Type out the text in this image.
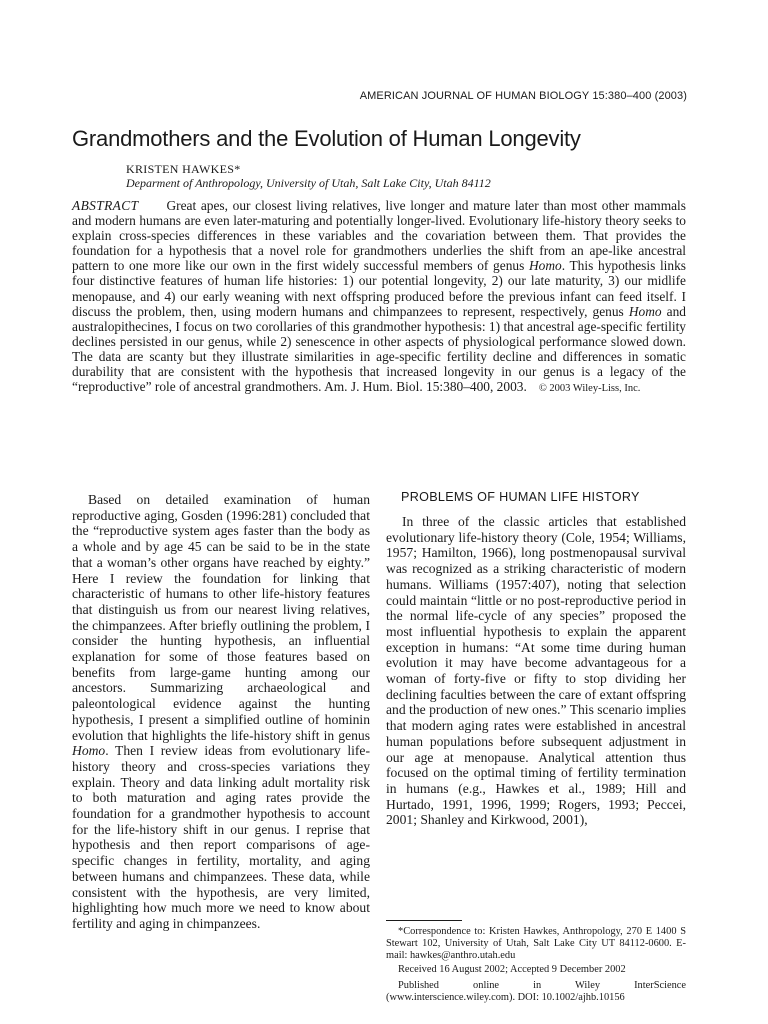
AMERICAN JOURNAL OF HUMAN BIOLOGY 15:380–400 (2003)
Grandmothers and the Evolution of Human Longevity
KRISTEN HAWKES*
Deparment of Anthropology, University of Utah, Salt Lake City, Utah 84112
ABSTRACT Great apes, our closest living relatives, live longer and mature later than most other mammals and modern humans are even later-maturing and potentially longer-lived. Evolutionary life-history theory seeks to explain cross-species differences in these variables and the covariation between them. That provides the foundation for a hypothesis that a novel role for grandmothers underlies the shift from an ape-like ancestral pattern to one more like our own in the first widely successful members of genus Homo. This hypothesis links four distinctive features of human life histories: 1) our potential longevity, 2) our late maturity, 3) our midlife menopause, and 4) our early weaning with next offspring produced before the previous infant can feed itself. I discuss the problem, then, using modern humans and chimpanzees to represent, respectively, genus Homo and australopithecines, I focus on two corollaries of this grandmother hypothesis: 1) that ancestral age-specific fertility declines persisted in our genus, while 2) senescence in other aspects of physiological performance slowed down. The data are scanty but they illustrate similarities in age-specific fertility decline and differences in somatic durability that are consistent with the hypothesis that increased longevity in our genus is a legacy of the “reproductive” role of ancestral grandmothers. Am. J. Hum. Biol. 15:380–400, 2003. © 2003 Wiley-Liss, Inc.

Based on detailed examination of human reproductive aging, Gosden (1996:281) concluded that the “reproductive system ages faster than the body as a whole and by age 45 can be said to be in the state that a woman’s other organs have reached by eighty.” Here I review the foundation for linking that characteristic of humans to other life-history features that distinguish us from our nearest living relatives, the chimpanzees. After briefly outlining the problem, I consider the hunting hypothesis, an influential explanation for some of those features based on benefits from large-game hunting among our ancestors. Summarizing archaeological and paleontological evidence against the hunting hypothesis, I present a simplified outline of hominin evolution that highlights the life-history shift in genus Homo. Then I review ideas from evolutionary life-history theory and cross-species variations they explain. Theory and data linking adult mortality risk to both maturation and aging rates provide the foundation for a grandmother hypothesis to account for the life-history shift in our genus. I reprise that hypothesis and then report comparisons of age-specific changes in fertility, mortality, and aging between humans and chimpanzees. These data, while consistent with the hypothesis, are very limited, highlighting how much more we need to know about fertility and aging in chimpanzees.

PROBLEMS OF HUMAN LIFE HISTORY

In three of the classic articles that established evolutionary life-history theory (Cole, 1954; Williams, 1957; Hamilton, 1966), long postmenopausal survival was recognized as a striking characteristic of modern humans. Williams (1957:407), noting that selection could maintain “little or no post-reproductive period in the normal life-cycle of any species” proposed the most influential hypothesis to explain the apparent exception in humans: “At some time during human evolution it may have become advantageous for a woman of forty-five or fifty to stop dividing her declining faculties between the care of extant offspring and the production of new ones.” This scenario implies that modern aging rates were established in ancestral human populations before subsequent adjustment in our age at menopause. Analytical attention thus focused on the optimal timing of fertility termination in humans (e.g., Hawkes et al., 1989; Hill and Hurtado, 1991, 1996, 1999; Rogers, 1993; Peccei, 2001; Shanley and Kirkwood, 2001),

*Correspondence to: Kristen Hawkes, Anthropology, 270 E 1400 S Stewart 102, University of Utah, Salt Lake City UT 84112-0600. E-mail: hawkes@anthro.utah.edu
Received 16 August 2002; Accepted 9 December 2002
Published online in Wiley InterScience (www.interscience.wiley.com). DOI: 10.1002/ajhb.10156
